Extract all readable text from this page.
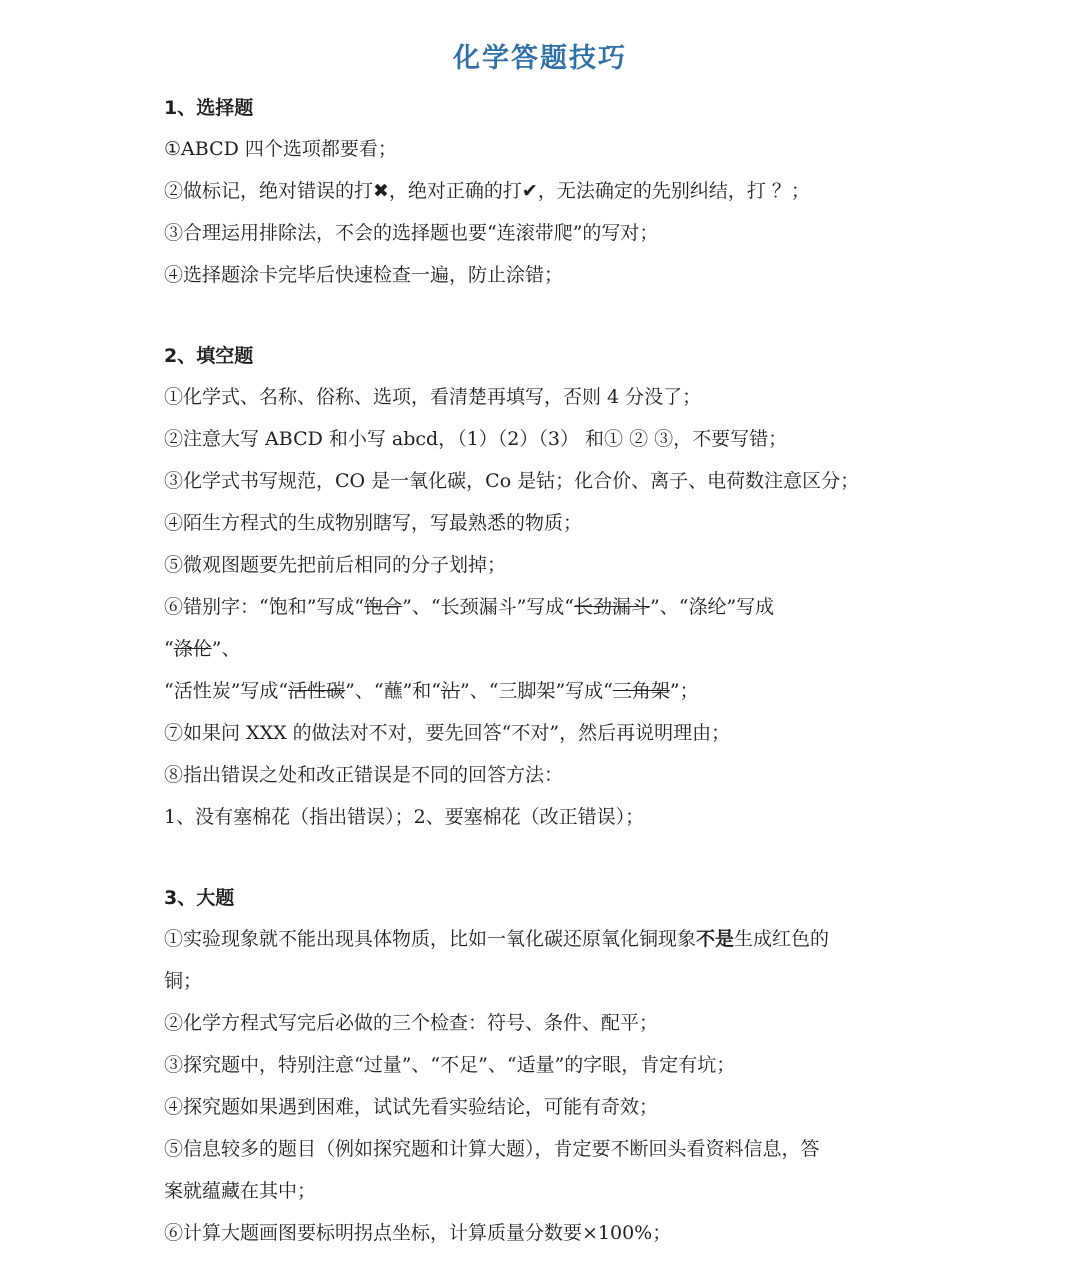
化学答题技巧
1、选择题
①ABCD 四个选项都要看；
②做标记，绝对错误的打✖，绝对正确的打✔，无法确定的先别纠结，打 ？；
③合理运用排除法，不会的选择题也要“连滚带爬”的写对；
④选择题涂卡完毕后快速检查一遍，防止涂错；
2、填空题
①化学式、名称、俗称、选项，看清楚再填写，否则 4 分没了；
②注意大写 ABCD 和小写 abcd，（1）（2）（3） 和① ② ③，不要写错；
③化学式书写规范，CO 是一氧化碳，Co 是钴；化合价、离子、电荷数注意区分；
④陌生方程式的生成物别瞎写，写最熟悉的物质；
⑤微观图题要先把前后相同的分子划掉；
⑥错别字：“饱和”写成“饱合”、“长颈漏斗”写成“长劲漏斗”、“涤纶”写成
“涤伦”、
“活性炭”写成“活性碳”、“蘸”和“沾”、“三脚架”写成“三角架”；
⑦如果问 XXX 的做法对不对，要先回答“不对”，然后再说明理由；
⑧指出错误之处和改正错误是不同的回答方法：
1、没有塞棉花（指出错误）；2、要塞棉花（改正错误）；
3、大题
①实验现象就不能出现具体物质，比如一氧化碳还原氧化铜现象不是生成红色的
铜；
②化学方程式写完后必做的三个检查：符号、条件、配平；
③探究题中，特别注意“过量”、“不足”、“适量”的字眼，肯定有坑；
④探究题如果遇到困难，试试先看实验结论，可能有奇效；
⑤信息较多的题目（例如探究题和计算大题），肯定要不断回头看资料信息，答
案就蕴藏在其中；
⑥计算大题画图要标明拐点坐标，计算质量分数要×100%；
